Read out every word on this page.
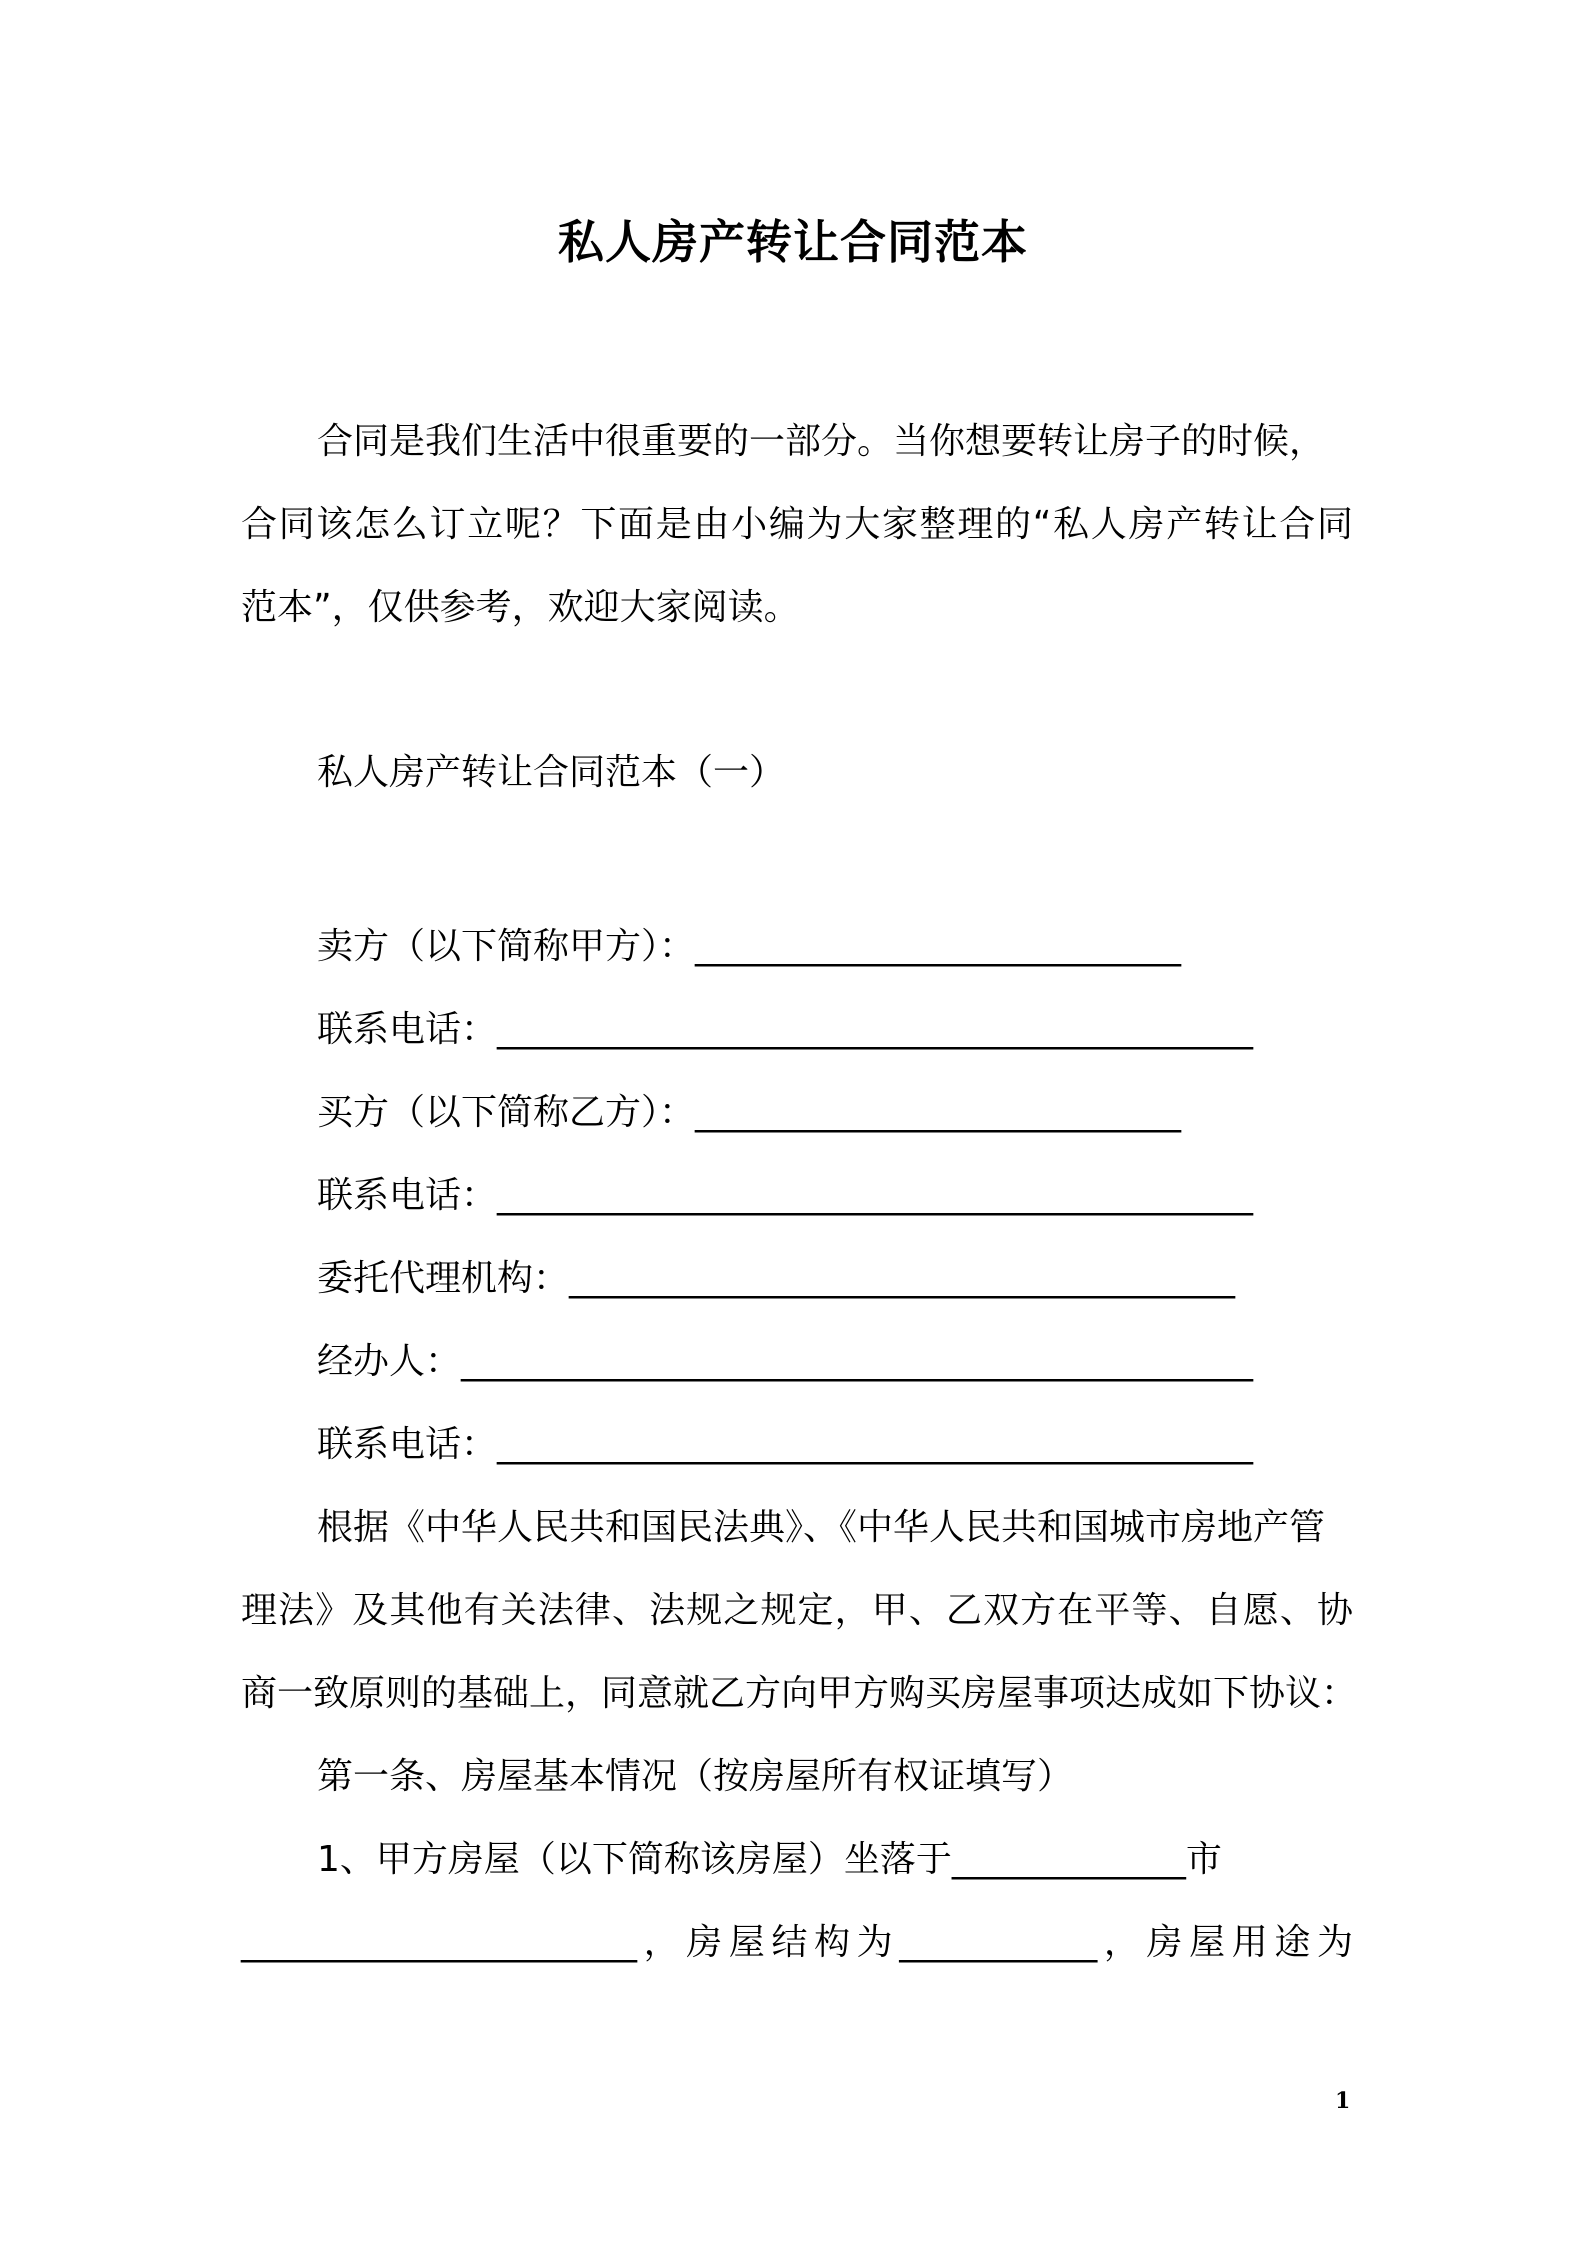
私人房产转让合同范本
合同是我们生活中很重要的一部分。当你想要转让房子的时候，
合同该怎么订立呢？下面是由小编为大家整理的“私人房产转让合同
范本”，仅供参考，欢迎大家阅读。
私人房产转让合同范本（一）
卖方（以下简称甲方）：___________________________
联系电话：__________________________________________
买方（以下简称乙方）：___________________________
联系电话：__________________________________________
委托代理机构：_____________________________________
经办人：____________________________________________
联系电话：__________________________________________
根据《中华人民共和国民法典》、《中华人民共和国城市房地产管
理法》及其他有关法律、法规之规定，甲、乙双方在平等、自愿、协
商一致原则的基础上，同意就乙方向甲方购买房屋事项达成如下协议：
第一条、房屋基本情况（按房屋所有权证填写）
1、甲方房屋（以下简称该房屋）坐落于_____________市
______________________，房屋结构为___________，房屋用途为
1
